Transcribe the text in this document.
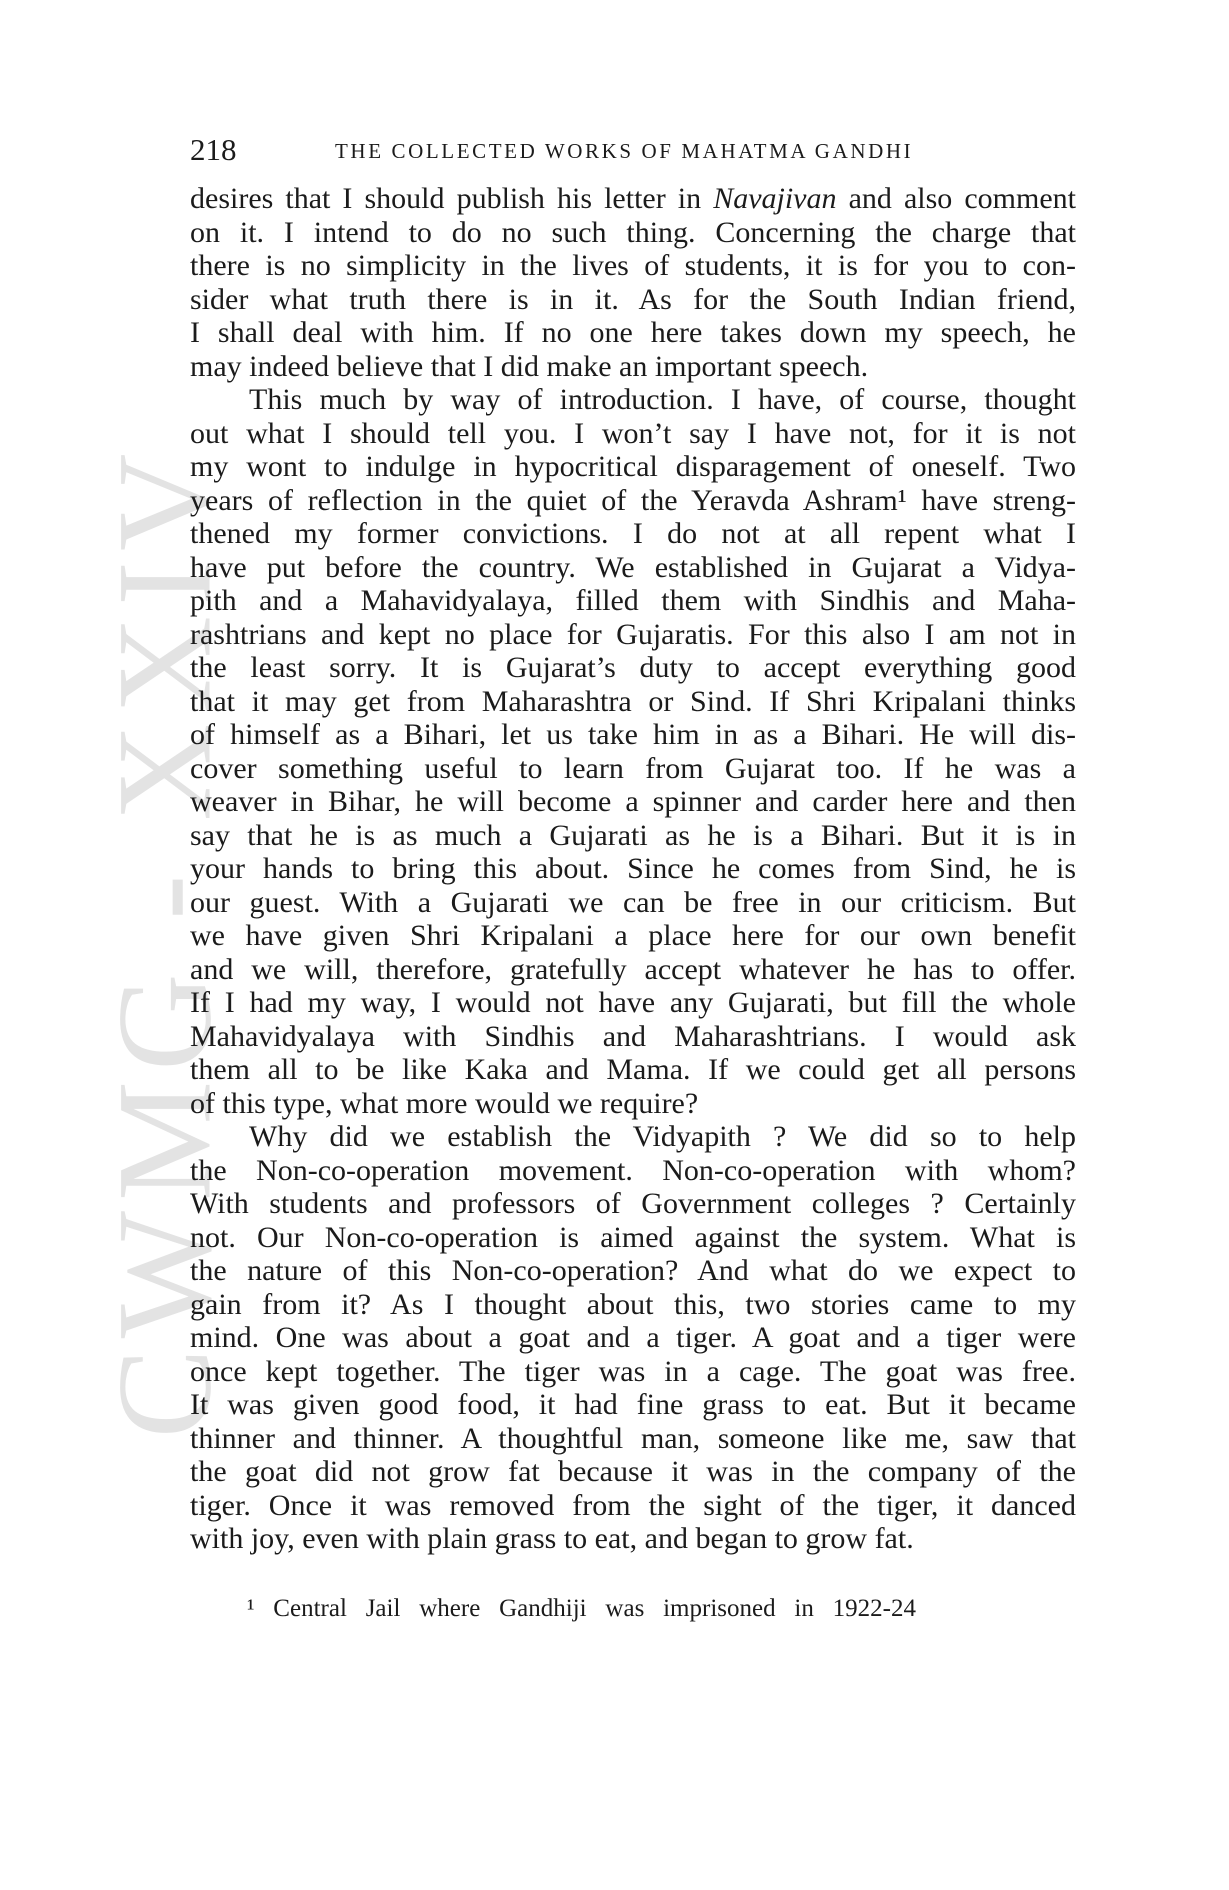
CWMG - XXIV
218	THE COLLECTED WORKS OF MAHATMA GANDHI
desires that I should publish his letter in Navajivan and also comment
on it. I intend to do no such thing. Concerning the charge that
there is no simplicity in the lives of students, it is for you to con-
sider what truth there is in it. As for the South Indian friend,
I shall deal with him. If no one here takes down my speech, he
may indeed believe that I did make an important speech.
This much by way of introduction. I have, of course, thought
out what I should tell you. I won’t say I have not, for it is not
my wont to indulge in hypocritical disparagement of oneself. Two
years of reflection in the quiet of the Yeravda Ashram¹ have streng-
thened my former convictions. I do not at all repent what I
have put before the country. We established in Gujarat a Vidya-
pith and a Mahavidyalaya, filled them with Sindhis and Maha-
rashtrians and kept no place for Gujaratis. For this also I am not in
the least sorry. It is Gujarat’s duty to accept everything good
that it may get from Maharashtra or Sind. If Shri Kripalani thinks
of himself as a Bihari, let us take him in as a Bihari. He will dis-
cover something useful to learn from Gujarat too. If he was a
weaver in Bihar, he will become a spinner and carder here and then
say that he is as much a Gujarati as he is a Bihari. But it is in
your hands to bring this about. Since he comes from Sind, he is
our guest. With a Gujarati we can be free in our criticism. But
we have given Shri Kripalani a place here for our own benefit
and we will, therefore, gratefully accept whatever he has to offer.
If I had my way, I would not have any Gujarati, but fill the whole
Mahavidyalaya with Sindhis and Maharashtrians. I would ask
them all to be like Kaka and Mama. If we could get all persons
of this type, what more would we require?
Why did we establish the Vidyapith ? We did so to help
the Non-co-operation movement. Non-co-operation with whom?
With students and professors of Government colleges ? Certainly
not. Our Non-co-operation is aimed against the system. What is
the nature of this Non-co-operation? And what do we expect to
gain from it? As I thought about this, two stories came to my
mind. One was about a goat and a tiger. A goat and a tiger were
once kept together. The tiger was in a cage. The goat was free.
It was given good food, it had fine grass to eat. But it became
thinner and thinner. A thoughtful man, someone like me, saw that
the goat did not grow fat because it was in the company of the
tiger. Once it was removed from the sight of the tiger, it danced
with joy, even with plain grass to eat, and began to grow fat.
¹ Central Jail where Gandhiji was imprisoned in 1922-24
